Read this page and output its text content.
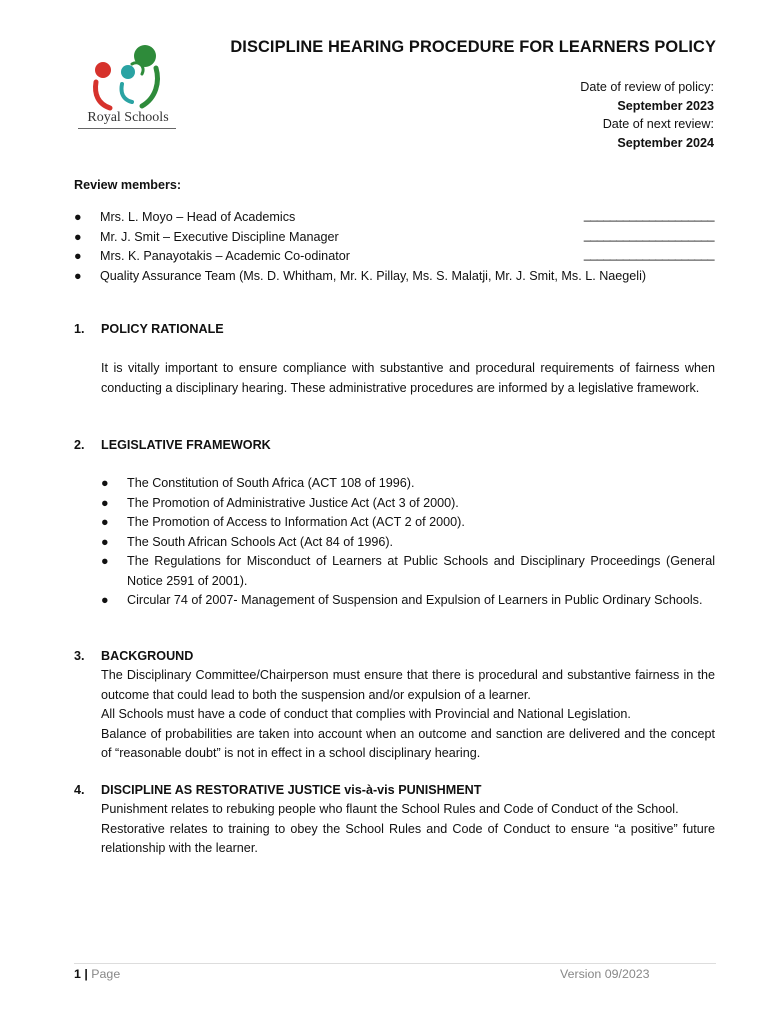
Royal Schools
DISCIPLINE HEARING PROCEDURE FOR LEARNERS POLICY
Date of review of policy:
September 2023
Date of next review:
September 2024
Review members:
● Mrs. L. Moyo – Head of Academics	____________________
● Mr. J. Smit – Executive Discipline Manager	____________________
● Mrs. K. Panayotakis – Academic Co-odinator	____________________
● Quality Assurance Team (Ms. D. Whitham, Mr. K. Pillay, Ms. S. Malatji, Mr. J. Smit, Ms. L. Naegeli)
1. POLICY RATIONALE

It is vitally important to ensure compliance with substantive and procedural requirements of fairness when conducting a disciplinary hearing. These administrative procedures are informed by a legislative framework.

2. LEGISLATIVE FRAMEWORK
● The Constitution of South Africa (ACT 108 of 1996).
● The Promotion of Administrative Justice Act (Act 3 of 2000).
● The Promotion of Access to Information Act (ACT 2 of 2000).
● The South African Schools Act (Act 84 of 1996).
● The Regulations for Misconduct of Learners at Public Schools and Disciplinary Proceedings (General Notice 2591 of 2001).
● Circular 74 of 2007- Management of Suspension and Expulsion of Learners in Public Ordinary Schools.
3. BACKGROUND

The Disciplinary Committee/Chairperson must ensure that there is procedural and substantive fairness in the outcome that could lead to both the suspension and/or expulsion of a learner.

All Schools must have a code of conduct that complies with Provincial and National Legislation.

Balance of probabilities are taken into account when an outcome and sanction are delivered and the concept of “reasonable doubt” is not in effect in a school disciplinary hearing.

4. DISCIPLINE AS RESTORATIVE JUSTICE vis-à-vis PUNISHMENT

Punishment relates to rebuking people who flaunt the School Rules and Code of Conduct of the School.

Restorative relates to training to obey the School Rules and Code of Conduct to ensure “a positive” future relationship with the learner.

1 | Page	Version 09/2023
